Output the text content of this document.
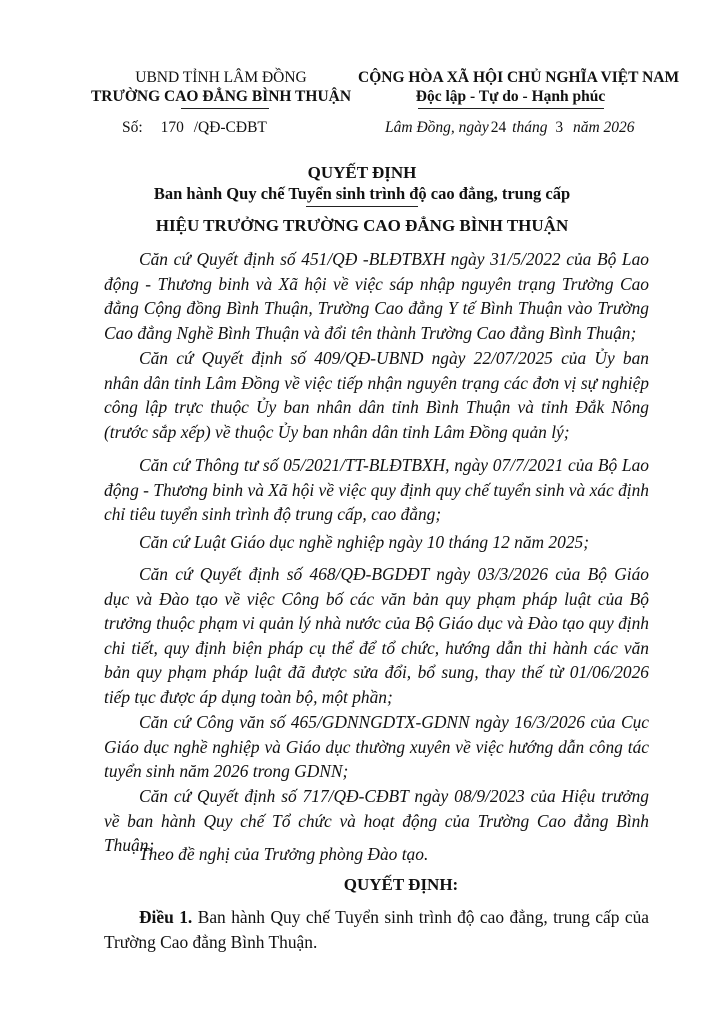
UBND TỈNH LÂM ĐỒNG
TRƯỜNG CAO ĐẲNG BÌNH THUẬN
CỘNG HÒA XÃ HỘI CHỦ NGHĨA VIỆT NAM
Độc lập - Tự do - Hạnh phúc
Số: 170 /QĐ-CĐBT	Lâm Đồng, ngày 24 tháng 3 năm 2026
QUYẾT ĐỊNH
Ban hành Quy chế Tuyển sinh trình độ cao đẳng, trung cấp
HIỆU TRƯỞNG TRƯỜNG CAO ĐẲNG BÌNH THUẬN

Căn cứ Quyết định số 451/QĐ -BLĐTBXH ngày 31/5/2022 của Bộ Lao động - Thương binh và Xã hội về việc sáp nhập nguyên trạng Trường Cao đẳng Cộng đồng Bình Thuận, Trường Cao đẳng Y tế Bình Thuận vào Trường Cao đẳng Nghề Bình Thuận và đổi tên thành Trường Cao đẳng Bình Thuận;

Căn cứ Quyết định số 409/QĐ-UBND ngày 22/07/2025 của Ủy ban nhân dân tỉnh Lâm Đồng về việc tiếp nhận nguyên trạng các đơn vị sự nghiệp công lập trực thuộc Ủy ban nhân dân tỉnh Bình Thuận và tỉnh Đắk Nông (trước sắp xếp) về thuộc Ủy ban nhân dân tỉnh Lâm Đồng quản lý;

Căn cứ Thông tư số 05/2021/TT-BLĐTBXH, ngày 07/7/2021 của Bộ Lao động - Thương binh và Xã hội về việc quy định quy chế tuyển sinh và xác định chỉ tiêu tuyển sinh trình độ trung cấp, cao đẳng;

Căn cứ Luật Giáo dục nghề nghiệp ngày 10 tháng 12 năm 2025;

Căn cứ Quyết định số 468/QĐ-BGDĐT ngày 03/3/2026 của Bộ Giáo dục và Đào tạo về việc Công bố các văn bản quy phạm pháp luật của Bộ trưởng thuộc phạm vi quản lý nhà nước của Bộ Giáo dục và Đào tạo quy định chi tiết, quy định biện pháp cụ thể để tổ chức, hướng dẫn thi hành các văn bản quy phạm pháp luật đã được sửa đổi, bổ sung, thay thế từ 01/06/2026 tiếp tục được áp dụng toàn bộ, một phần;

Căn cứ Công văn số 465/GDNNGDTX-GDNN ngày 16/3/2026 của Cục Giáo dục nghề nghiệp và Giáo dục thường xuyên về việc hướng dẫn công tác tuyển sinh năm 2026 trong GDNN;

Căn cứ Quyết định số 717/QĐ-CĐBT ngày 08/9/2023 của Hiệu trưởng về ban hành Quy chế Tổ chức và hoạt động của Trường Cao đẳng Bình Thuận;

Theo đề nghị của Trưởng phòng Đào tạo.

QUYẾT ĐỊNH:

Điều 1. Ban hành Quy chế Tuyển sinh trình độ cao đẳng, trung cấp của Trường Cao đẳng Bình Thuận.
